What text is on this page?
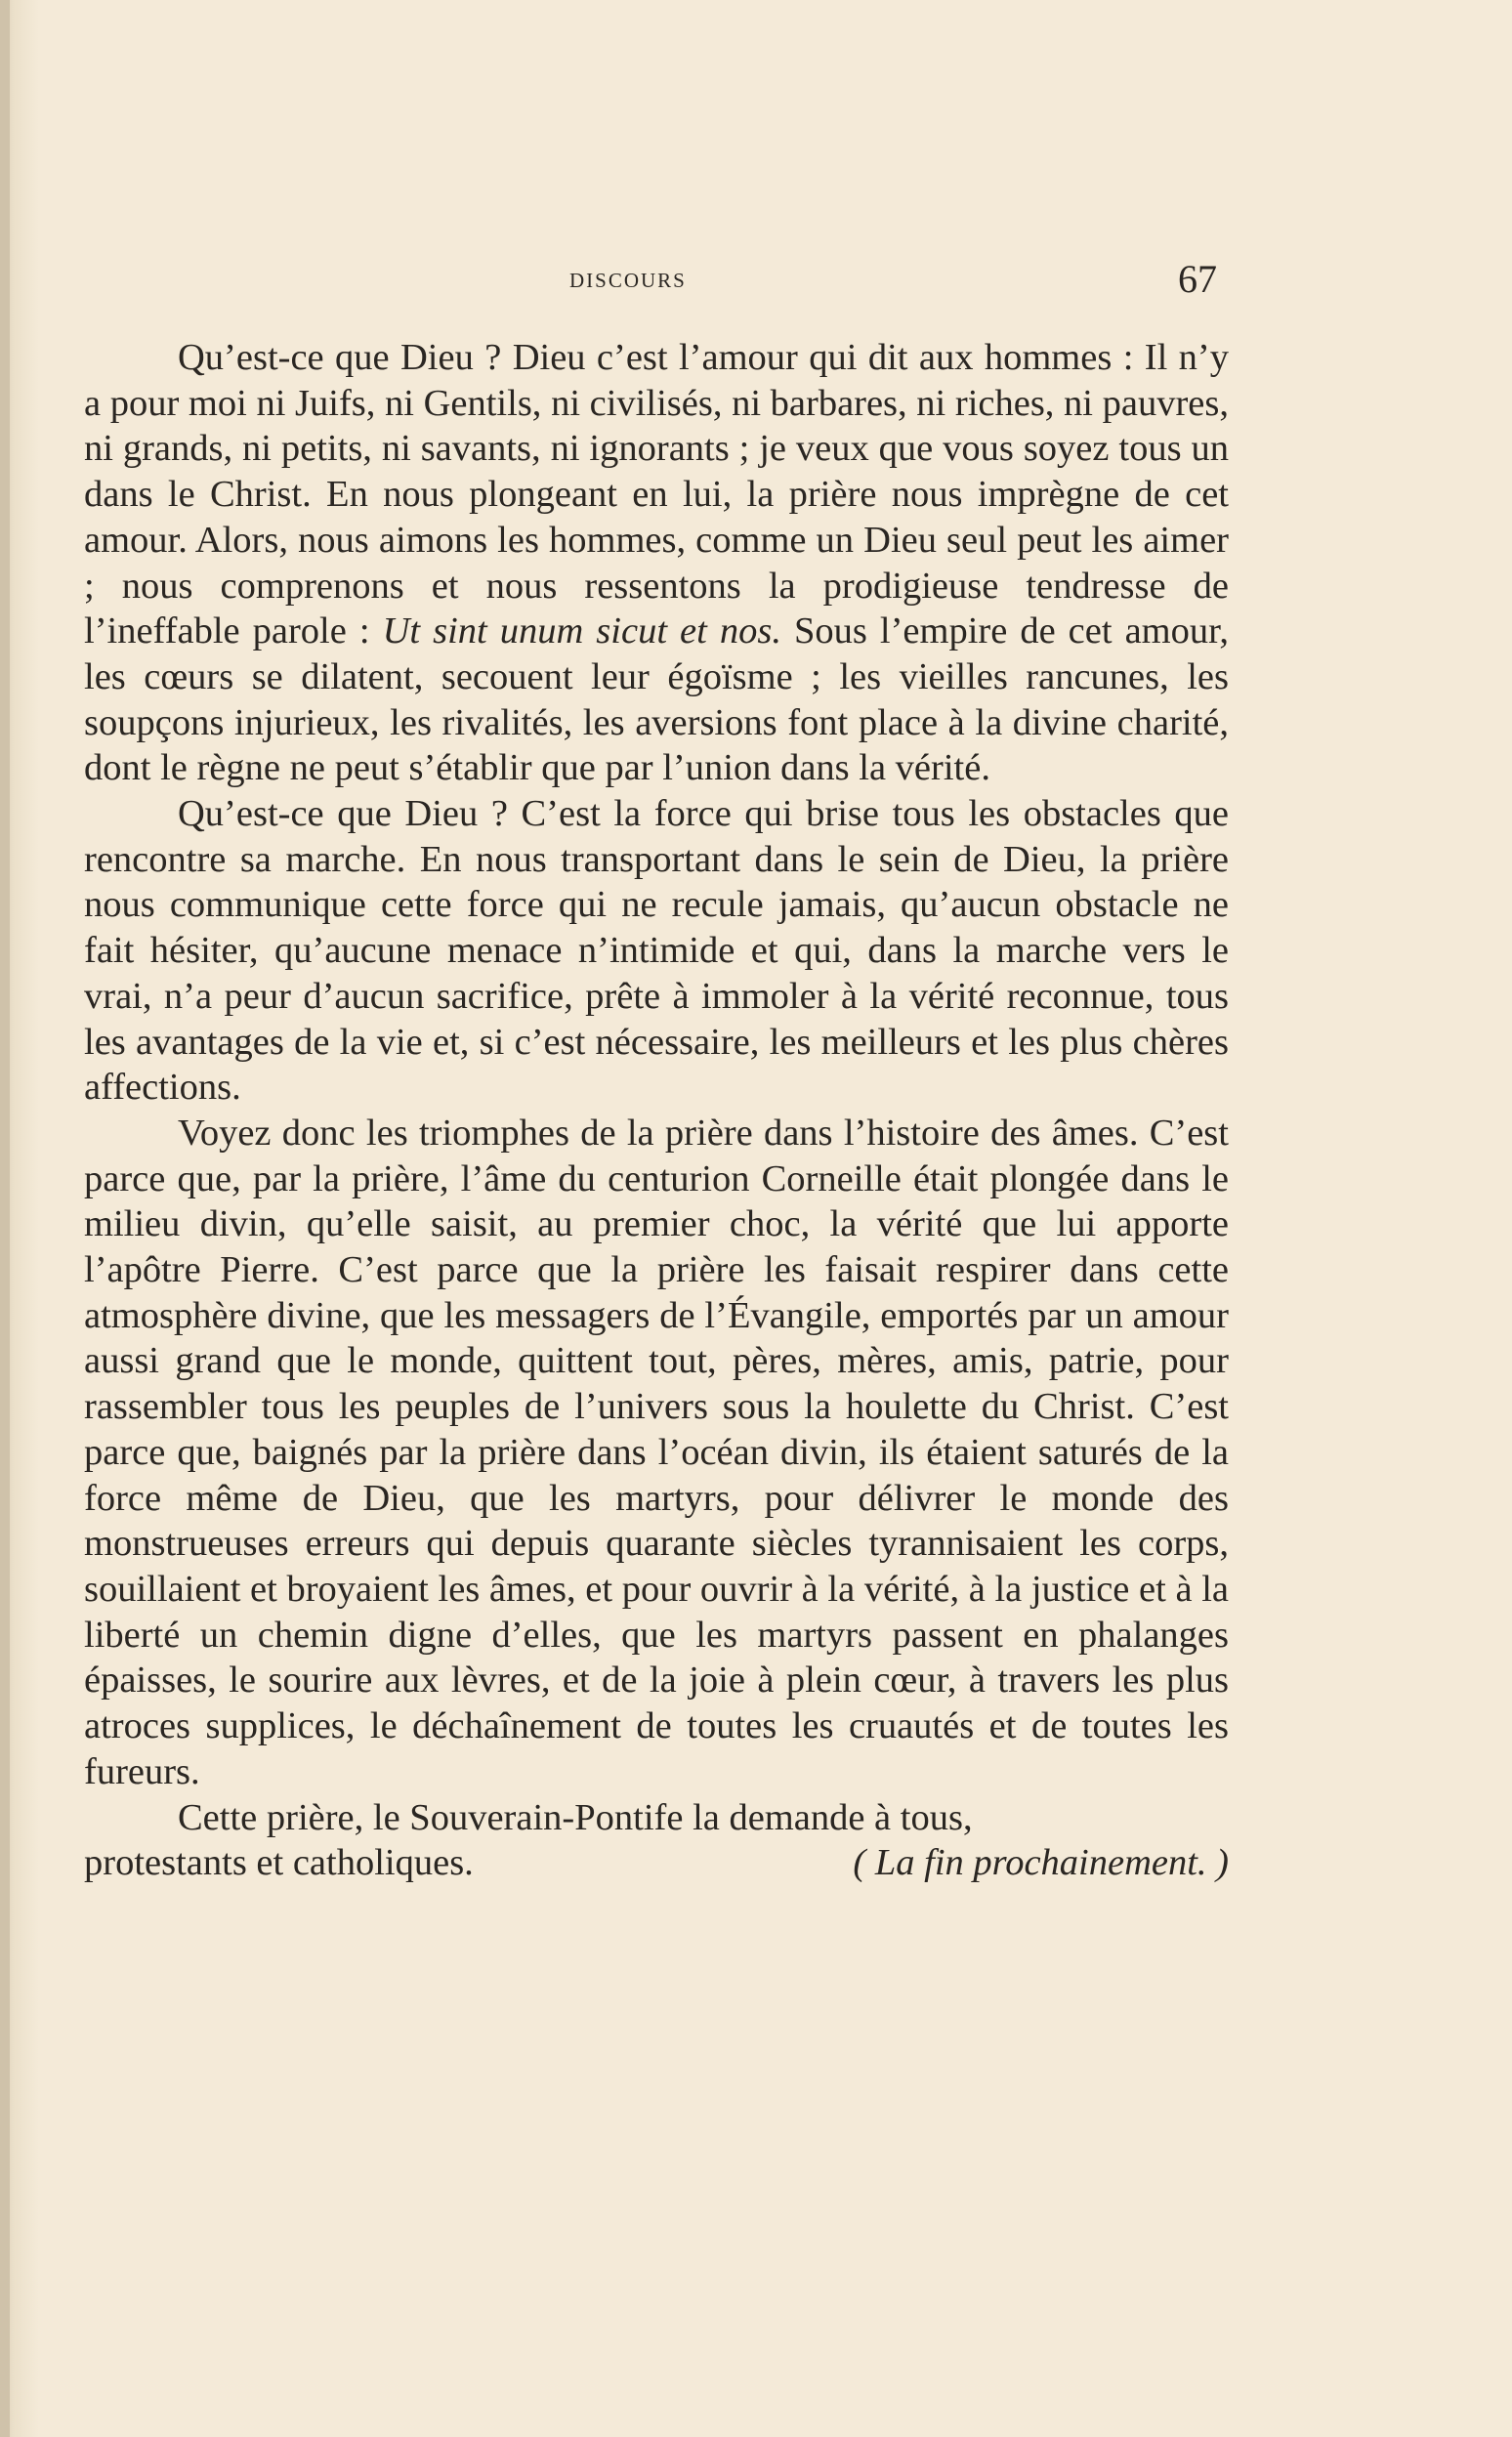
discours	67

Qu’est-ce que Dieu ? Dieu c’est l’amour qui dit aux hommes : Il n’y a pour moi ni Juifs, ni Gentils, ni civilisés, ni barbares, ni riches, ni pauvres, ni grands, ni petits, ni savants, ni ignorants ; je veux que vous soyez tous un dans le Christ. En nous plongeant en lui, la prière nous imprègne de cet amour. Alors, nous aimons les hommes, comme un Dieu seul peut les aimer ; nous comprenons et nous ressentons la prodigieuse tendresse de l’ineffable parole : Ut sint unum sicut et nos. Sous l’empire de cet amour, les cœurs se dilatent, secouent leur égoïsme ; les vieilles rancunes, les soupçons injurieux, les rivalités, les aversions font place à la divine charité, dont le règne ne peut s’établir que par l’union dans la vérité.

Qu’est-ce que Dieu ? C’est la force qui brise tous les obstacles que rencontre sa marche. En nous transportant dans le sein de Dieu, la prière nous communique cette force qui ne recule jamais, qu’aucun obstacle ne fait hésiter, qu’aucune menace n’intimide et qui, dans la marche vers le vrai, n’a peur d’aucun sacrifice, prête à immoler à la vérité reconnue, tous les avantages de la vie et, si c’est nécessaire, les meilleurs et les plus chères affections.

Voyez donc les triomphes de la prière dans l’histoire des âmes. C’est parce que, par la prière, l’âme du centurion Corneille était plongée dans le milieu divin, qu’elle saisit, au premier choc, la vérité que lui apporte l’apôtre Pierre. C’est parce que la prière les faisait respirer dans cette atmosphère divine, que les messagers de l’Évangile, emportés par un amour aussi grand que le monde, quittent tout, pères, mères, amis, patrie, pour rassembler tous les peuples de l’univers sous la houlette du Christ. C’est parce que, baignés par la prière dans l’océan divin, ils étaient saturés de la force même de Dieu, que les martyrs, pour délivrer le monde des monstrueuses erreurs qui depuis quarante siècles tyrannisaient les corps, souillaient et broyaient les âmes, et pour ouvrir à la vérité, à la justice et à la liberté un chemin digne d’elles, que les martyrs passent en phalanges épaisses, le sourire aux lèvres, et de la joie à plein cœur, à travers les plus atroces supplices, le déchaînement de toutes les cruautés et de toutes les fureurs.

Cette prière, le Souverain-Pontife la demande à tous,

protestants et catholiques.	( La fin prochainement. )
